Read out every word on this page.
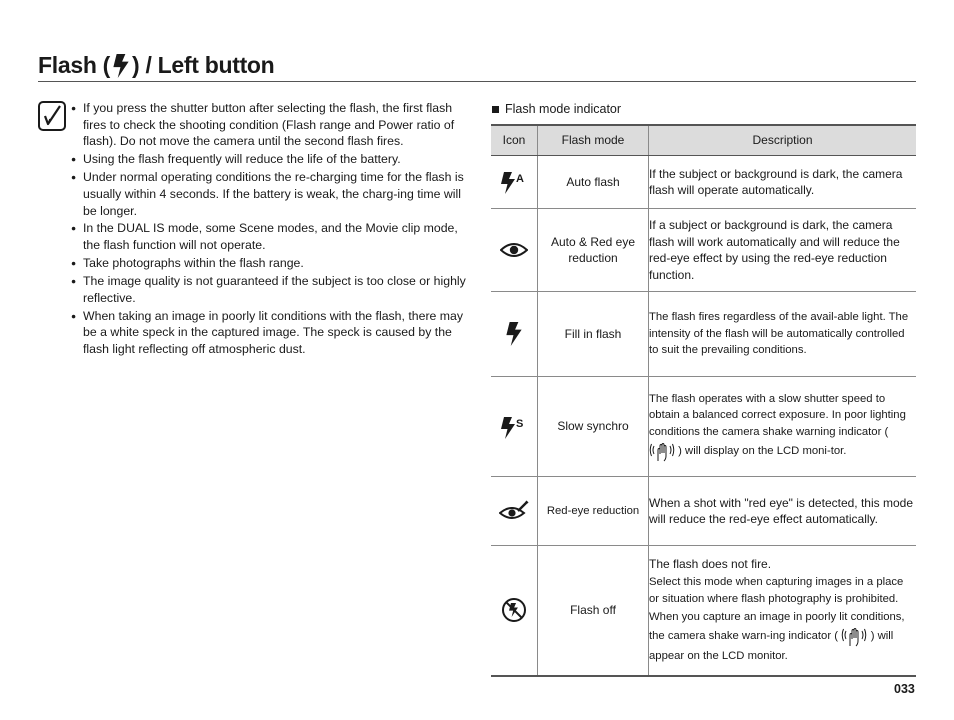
Flash ( ) / Left button
● If you press the shutter button after selecting the flash, the first flash fires to check the shooting condition (Flash range and Power ratio of flash). Do not move the camera until the second flash fires.
● Using the flash frequently will reduce the life of the battery.
● Under normal operating conditions the re-charging time for the flash is usually within 4 seconds. If the battery is weak, the charg-ing time will be longer.
● In the DUAL IS mode, some Scene modes, and the Movie clip mode, the flash function will not operate.
● Take photographs within the flash range.
● The image quality is not guaranteed if the subject is too close or highly reflective.
● When taking an image in poorly lit conditions with the flash, there may be a white speck in the captured image. The speck is caused by the flash light reflecting off atmospheric dust.
Flash mode indicator
Icon	Flash mode	Description

A	Auto flash	If the subject or background is dark, the camera flash will operate automatically.

	Auto & Red eye reduction	If a subject or background is dark, the camera flash will work automatically and will reduce the red-eye effect by using the red-eye reduction function.

	Fill in flash	The flash fires regardless of the avail-able light. The intensity of the flash will be automatically controlled to suit the prevailing conditions.

S	Slow synchro	The flash operates with a slow shutter speed to obtain a balanced correct exposure. In poor lighting conditions the camera shake warning indicator (  ) will display on the LCD moni-tor.

	Red-eye reduction	When a shot with "red eye" is detected, this mode will reduce the red-eye effect automatically.

	Flash off	The flash does not fire.
Select this mode when capturing images in a place or situation where flash photography is prohibited. When you capture an image in poorly lit conditions, the camera shake warn-ing indicator ( ) will appear on the LCD monitor.
033
